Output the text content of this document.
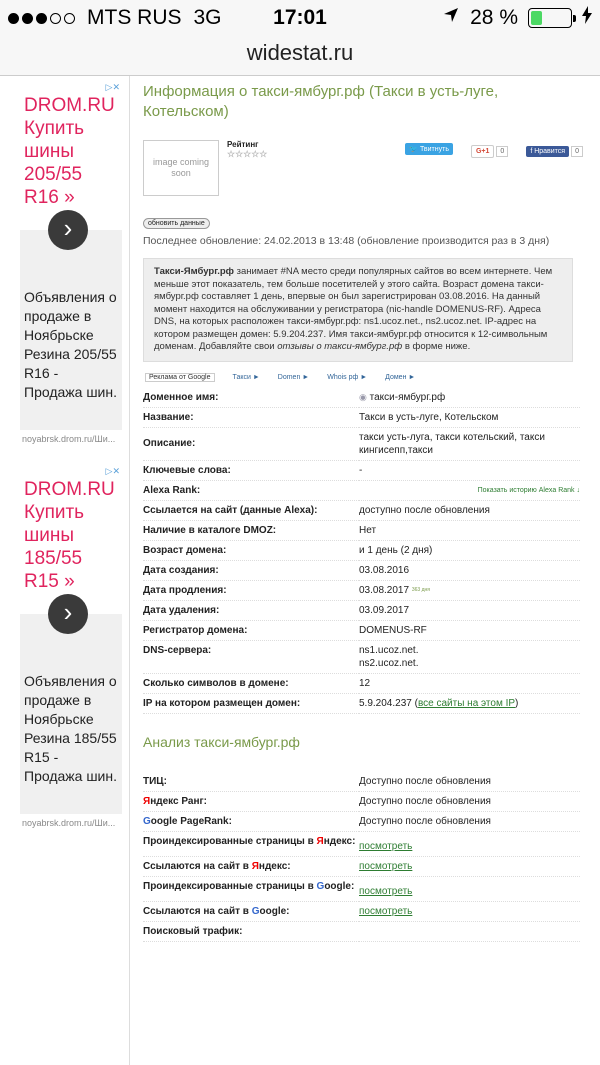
MTS RUS 3G	17:01	28 %
widestat.ru
▷✕
DROM.RU Купить шины 205/55 R16 »
›
Объявления о продаже в Ноябрьске Резина 205/55 R16 - Продажа шин.
noyabrsk.drom.ru/Ши...
▷✕
DROM.RU Купить шины 185/55 R15 »
›
Объявления о продаже в Ноябрьске Резина 185/55 R15 - Продажа шин.
noyabrsk.drom.ru/Ши...
Информация о такси-ямбург.рф (Такси в усть-луге, Котельском)
image coming soon
Рейтинг
☆☆☆☆☆	🐦 Твитнуть	G+1 0	f Нравится 0
обновить данные
Последнее обновление: 24.02.2013 в 13:48 (обновление производится раз в 3 дня)
Такси-Ямбург.рф занимает #NA место среди популярных сайтов во всем интернете. Чем меньше этот показатель, тем больше посетителей у этого сайта. Возраст домена такси-ямбург.рф составляет 1 день, впервые он был зарегистрирован 03.08.2016. На данный момент находится на обслуживании у регистратора (nic-handle DOMENUS-RF). Адреса DNS, на которых расположен такси-ямбург.рф: ns1.ucoz.net., ns2.ucoz.net. IP-адрес на котором размещен домен: 5.9.204.237. Имя такси-ямбург.рф относится к 12-символьным доменам. Добавляйте свои отзывы о такси-ямбург.рф в форме ниже.
Реклама от Google	Такси ►	Domen ►	Whois рф ►	Домен ►
Доменное имя:	◉ такси-ямбург.рф
Название:	Такси в усть-луге, Котельском
Описание:	такси усть-луга, такси котельский, такси кингисепп,такси
Ключевые слова:	-
Alexa Rank:	Показать историю Alexa Rank ↓

Ссылается на сайт (данные Alexa):	доступно после обновления
Наличие в каталоге DMOZ:	Нет
Возраст домена:	и 1 день (2 дня)
Дата создания:	03.08.2016
Дата продления:	03.08.2017 $^{363 дня}$
Дата удаления:	03.09.2017
Регистратор домена:	DOMENUS-RF
DNS-сервера:	ns1.ucoz.net.
ns2.ucoz.net.

Сколько символов в домене:	12
IP на котором размещен домен:	5.9.204.237 (все сайты на этом IP)
Анализ такси-ямбург.рф
ТИЦ:	Доступно после обновления
Яндекс Ранг:	Доступно после обновления
Google PageRank:	Доступно после обновления
Проиндексированные страницы в Яндекс:	посмотреть
Ссылаются на сайт в Яндекс:	посмотреть
Проиндексированные страницы в Google:	посмотреть
Ссылаются на сайт в Google:	посмотреть
Поисковый трафик:	
